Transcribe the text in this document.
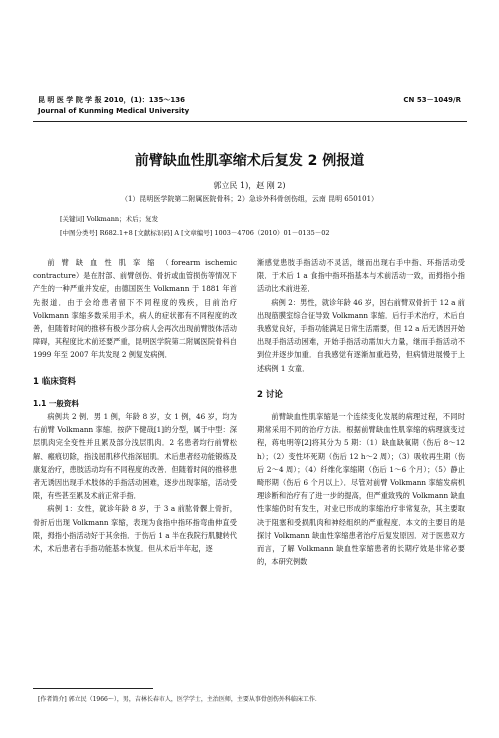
昆 明 医 学 院 学 报 2010，(1)：135～136	CN 53－1049/R
Journal of Kunming Medical University
前臂缺血性肌挛缩术后复发 2 例报道
郭立民 1)，赵 刚 2)
（1）昆明医学院第二附属医院骨科；2）急诊外科骨创伤组，云南 昆明 650101）
[关键词] Volkmann；术后；复发
[中图分类号] R682.1+8 [文献标识码] A [文章编号] 1003－4706（2010）01－0135－02

前 臂 缺 血 性 肌 挛 缩 （forearm ischemic contracture）是在肘部、前臂创伤、骨折或血管损伤等情况下产生的一种严重并发症，由德国医生 Volkmann 于 1881 年首先报道．由于会给患者留下不同程度的残疾，目前治疗 Volkmann 挛缩多数采用手术，病人的症状都有不同程度的改善，但随着时间的推移有极少部分病人会再次出现前臂肢体活动障碍，其程度比术前还要严重，昆明医学院第二附属医院骨科自 1999 年至 2007 年共发现 2 例复发病例．

1 临床资料
1.1 一般资料

病例共 2 例．男 1 例，年龄 8 岁，女 1 例，46 岁，均为右前臂 Volkmann 挛缩．按萨下健哉[1]的分型，属于中型：深层肌肉完全变性并且累及部分浅层肌肉．2 名患者均行前臂松解、瘢痕切除，指浅屈肌移代指深屈肌．术后患者经功能锻炼及康复治疗，患肢活动均有不同程度的改善．但随着时间的推移患者无诱因出现手术肢体的手指活动困难，逐步出现挛缩，活动受限，有些甚至累及术前正常手指．

病例 1：女性，就诊年龄 8 岁，于 3 a 前肱骨髁上骨折，骨折后出现 Volkmann 挛缩，表现为食指中指环指弯曲伸直受限，拇指小指活动好于其余指．于伤后 1 a 半在我院行肌腱转代术，术后患者右手指功能基本恢复．但从术后半年起，逐

渐感觉患肢手指活动不灵活，继而出现右手中指、环指活动受限．于术后 1 a 食指中指环指基本与术前活动一致，而拇指小指活动比术前进差．

病例 2：男性，就诊年龄 46 岁，因右前臂双骨折于 12 a 前出现筋膜室综合征导致 Volkmann 挛缩．后行手术治疗，术后自我感觉良好，手指功能满足日常生活需要，但 12 a 后无诱因开始出现手指活动困难，开始手指活动需加大力量，继而手指活动不到位并逐步加重．自我感觉有逐渐加重趋势，但病情进展慢于上述病例 1 女童．

2 讨论

前臂缺血性肌挛缩是一个连续变化发展的病理过程，不同时期常采用不同的治疗方法．根据前臂缺血性肌挛缩的病理演变过程，蒋电明等[2]将其分为 5 期：（1）缺血缺氧期（伤后 8～12 h）；（2）变性坏死期（伤后 12 h～2 周）；（3）吸收再生期（伤后 2～4 周）；（4）纤维化挛缩期（伤后 1～6 个月）；（5）静止畸形期（伤后 6 个月以上）．尽管对前臂 Volkmann 挛缩发病机理诊断和治疗有了进一步的提高，但严重致残的 Volkmann 缺血性挛缩仍时有发生，对业已形成的挛缩治疗非常复杂，其主要取决于阻塞和受损肌肉和神经组织的严重程度．本文的主要目的是探讨 Volkmann 缺血性挛缩患者治疗后复发原因．对于医患双方而言，了解 Volkmann 缺血性挛缩患者的长期疗效是非常必要的，本研究例数

[作者简介] 郭立民（1966～），男，吉林长春市人，医学学士，主治医师，主要从事骨创伤外科临床工作．
